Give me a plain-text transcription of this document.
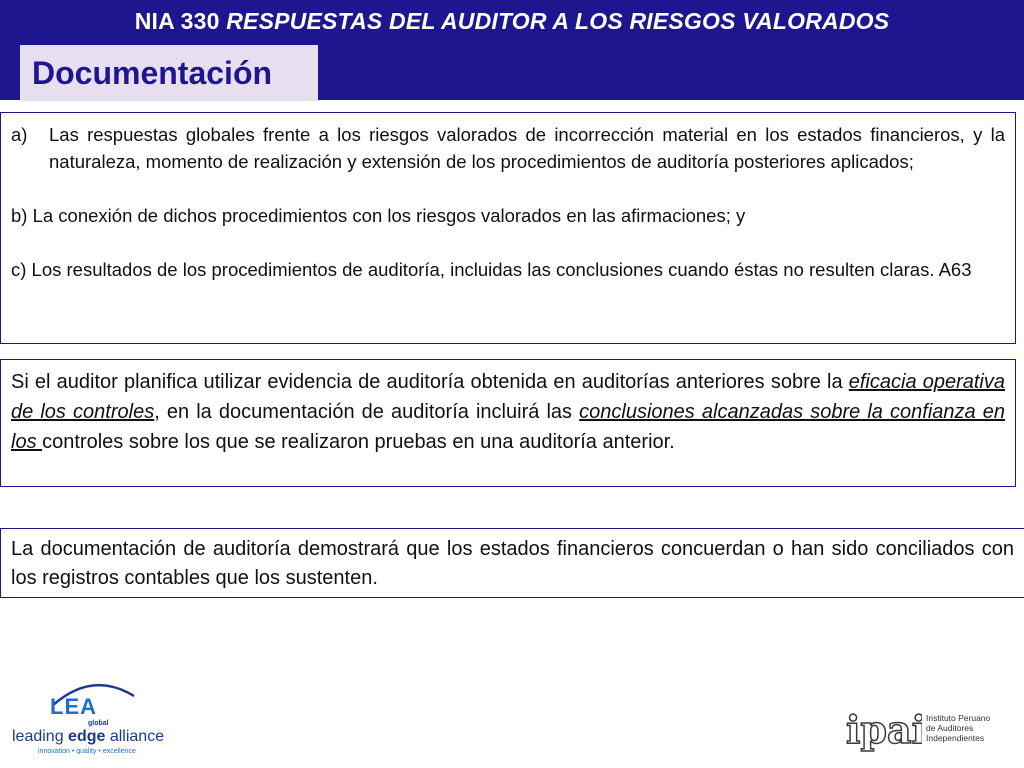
NIA 330 RESPUESTAS DEL AUDITOR A LOS RIESGOS VALORADOS
Documentación
a)	Las respuestas globales frente a los riesgos valorados de incorrección material en los estados financieros, y la naturaleza, momento de realización y extensión de los procedimientos de auditoría posteriores aplicados;
b) La conexión de dichos procedimientos con los riesgos valorados en las afirmaciones; y
c) Los resultados de los procedimientos de auditoría, incluidas las conclusiones cuando éstas no resulten claras. A63
Si el auditor planifica utilizar evidencia de auditoría obtenida en auditorías anteriores sobre la eficacia operativa de los controles, en la documentación de auditoría incluirá las conclusiones alcanzadas sobre la confianza en los controles sobre los que se realizaron pruebas en una auditoría anterior.
La documentación de auditoría demostrará que los estados financieros concuerdan o han sido conciliados con los registros contables que los sustenten.
LEA
global
leading edge alliance
innovation • quality • excellence	ipai Instituto Peruano
de Auditores
Independientes
